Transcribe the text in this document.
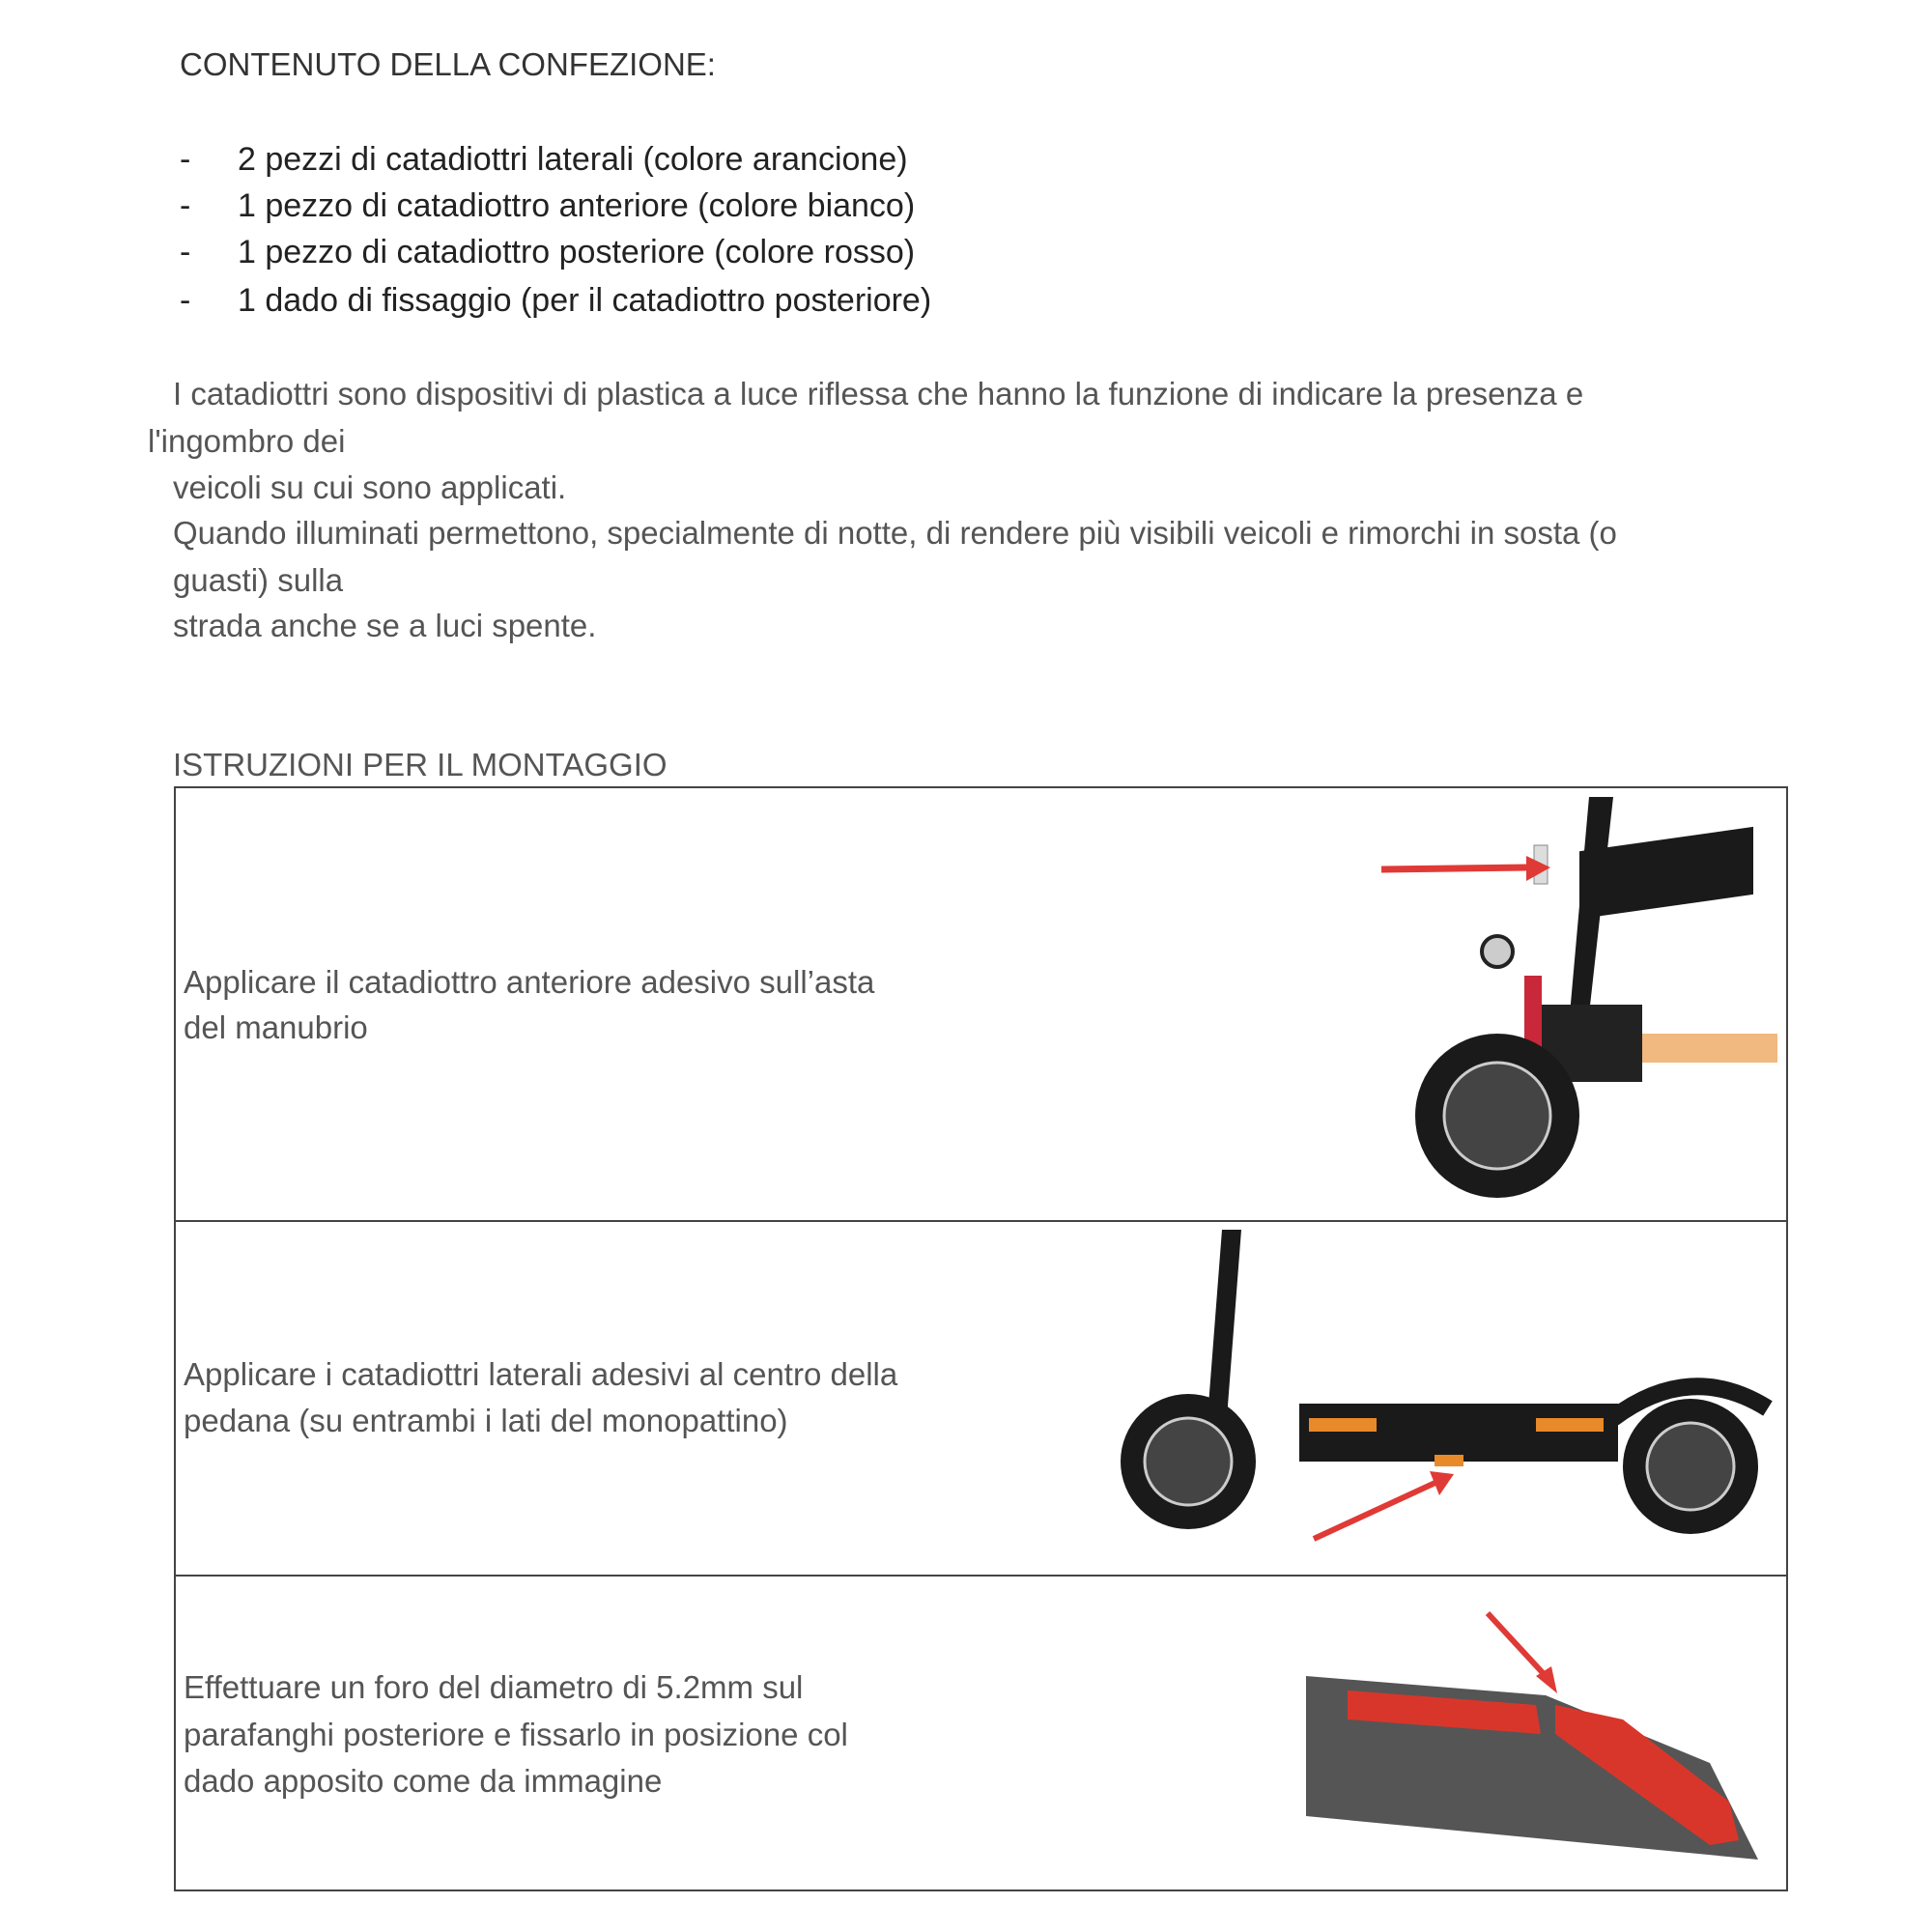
CONTENUTO DELLA CONFEZIONE:
- 2 pezzi di catadiottri laterali (colore arancione)
- 1 pezzo di catadiottro anteriore (colore bianco)
- 1 pezzo di catadiottro posteriore (colore rosso)
- 1 dado di fissaggio (per il catadiottro posteriore)
I catadiottri sono dispositivi di plastica a luce riflessa che hanno la funzione di indicare la presenza e
l'ingombro dei
veicoli su cui sono applicati.
Quando illuminati permettono, specialmente di notte, di rendere più visibili veicoli e rimorchi in sosta (o
guasti) sulla
strada anche se a luci spente.
ISTRUZIONI PER IL MONTAGGIO
Applicare il catadiottro anteriore adesivo sull’asta
del manubrio
Applicare i catadiottri laterali adesivi al centro della
pedana (su entrambi i lati del monopattino)
Effettuare un foro del diametro di 5.2mm sul
parafanghi posteriore e fissarlo in posizione col
dado apposito come da immagine
